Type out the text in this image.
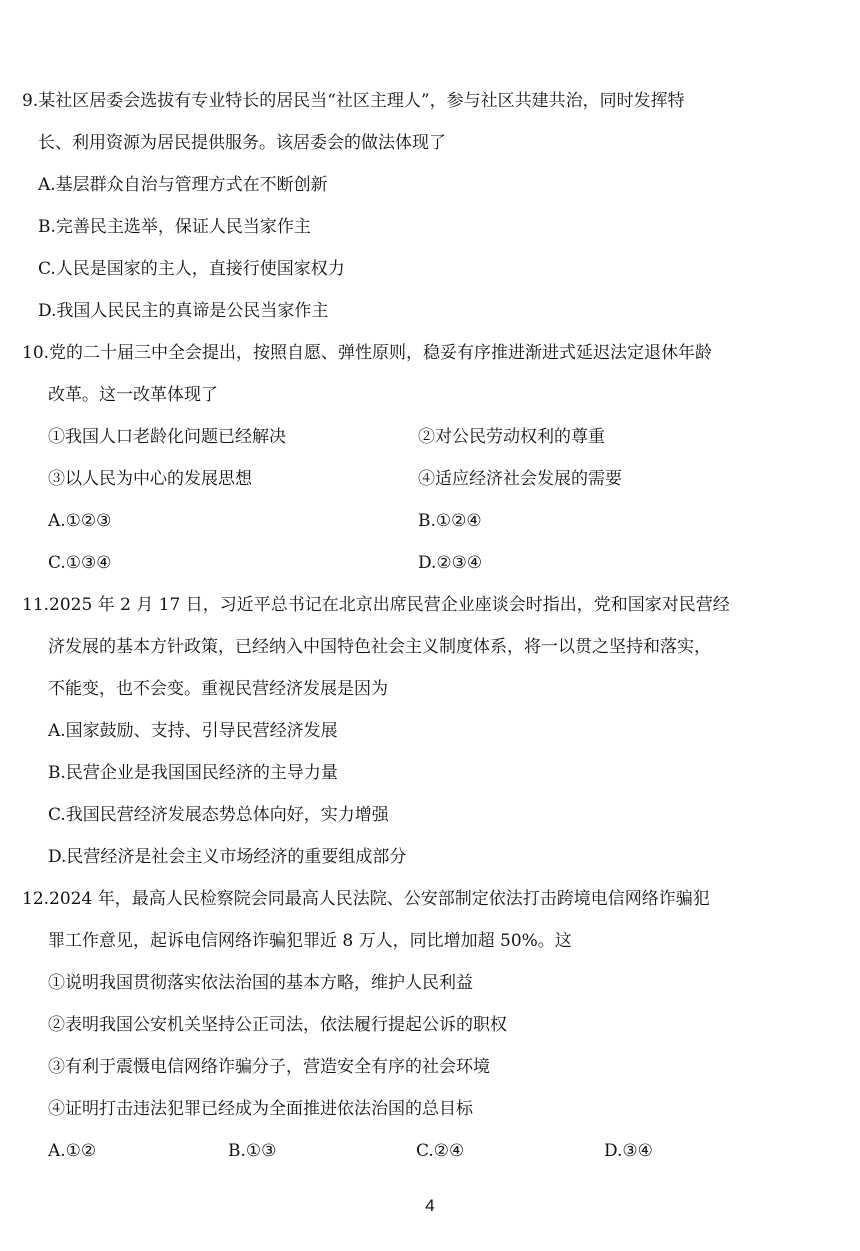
9.某社区居委会选拔有专业特长的居民当“社区主理人”，参与社区共建共治，同时发挥特
长、利用资源为居民提供服务。该居委会的做法体现了
A.基层群众自治与管理方式在不断创新
B.完善民主选举，保证人民当家作主
C.人民是国家的主人，直接行使国家权力
D.我国人民民主的真谛是公民当家作主
10.党的二十届三中全会提出，按照自愿、弹性原则，稳妥有序推进渐进式延迟法定退休年龄
改革。这一改革体现了
①我国人口老龄化问题已经解决	②对公民劳动权利的尊重
③以人民为中心的发展思想	④适应经济社会发展的需要
A.①②③	B.①②④
C.①③④	D.②③④
11.2025 年 2 月 17 日，习近平总书记在北京出席民营企业座谈会时指出，党和国家对民营经
济发展的基本方针政策，已经纳入中国特色社会主义制度体系，将一以贯之坚持和落实，
不能变，也不会变。重视民营经济发展是因为
A.国家鼓励、支持、引导民营经济发展
B.民营企业是我国国民经济的主导力量
C.我国民营经济发展态势总体向好，实力增强
D.民营经济是社会主义市场经济的重要组成部分
12.2024 年，最高人民检察院会同最高人民法院、公安部制定依法打击跨境电信网络诈骗犯
罪工作意见，起诉电信网络诈骗犯罪近 8 万人，同比增加超 50%。这
①说明我国贯彻落实依法治国的基本方略，维护人民利益
②表明我国公安机关坚持公正司法，依法履行提起公诉的职权
③有利于震慑电信网络诈骗分子，营造安全有序的社会环境
④证明打击违法犯罪已经成为全面推进依法治国的总目标
A.①②	B.①③	C.②④	D.③④
4
